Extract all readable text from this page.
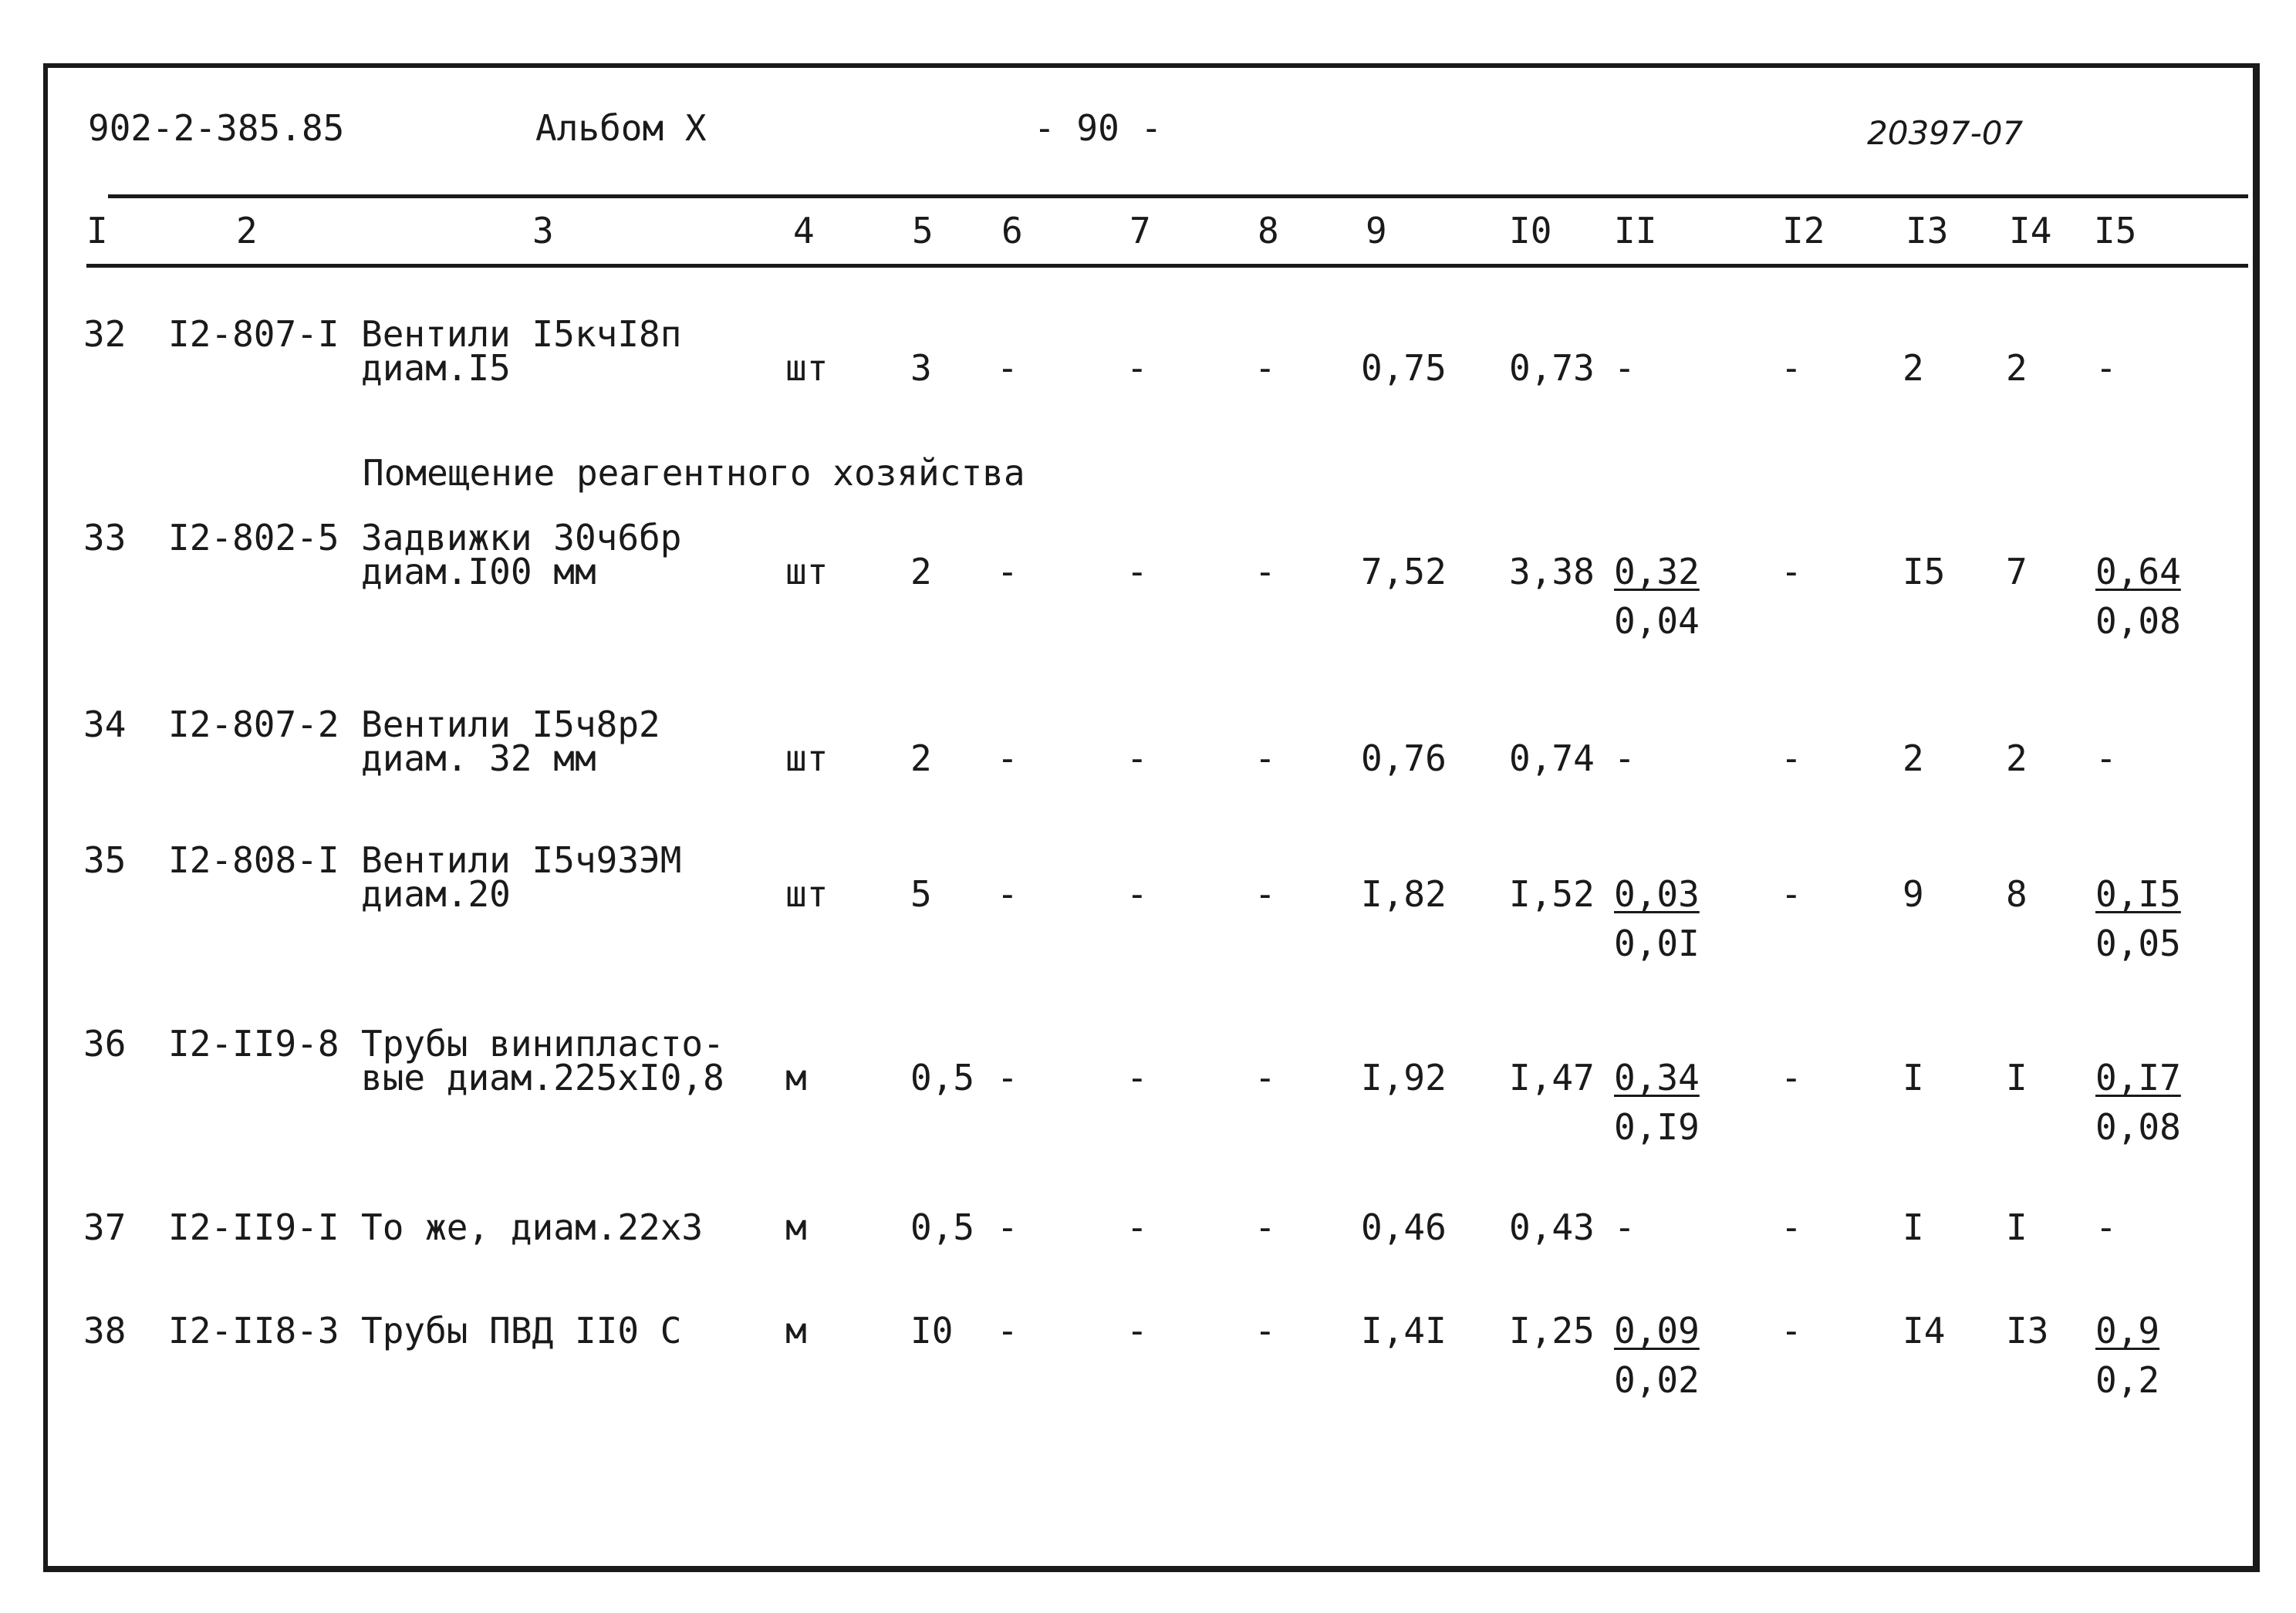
902-2-385.85	Альбом X	- 90 -	20397-07
I	2	3	4	5 6	7	8 9	I0 II	I2 I3 I4 I5
Помещение реагентного хозяйства
32 I2-807-I Вентили I5кчI8п
диам.I5	шт 3 -	-	- 0,75 0,73 -	-	2 2 -
33 I2-802-5 Задвижки 30ч6бр
диам.I00 мм	шт 2 -	-	- 7,52 $3,38 \frac{0,32}{0,04}$ -	I5 $7 \frac{0,64}{0,08}$
34 I2-807-2 Вентили I5ч8р2
диам. 32 мм	шт 2 -	-	- 0,76 0,74 -	-	2 2 -
35 I2-808-I Вентили I5ч93ЭМ
диам.20	шт 5 -	-	- I,82 $I,52 \frac{0,03}{0,0I}$ -	9 $8 \frac{0,I5}{0,05}$
36 I2-II9-8 Трубы винипласто-
вые диам.225хI0,8 м	0,5 -	-	- I,92 $I,47 \frac{0,34}{0,I9}$ -	I I $\frac{0,I7}{0,08}$
37 I2-II9-I То же, диам.22х3 м	0,5 -	-	- 0,46 0,43 -	-	I I -
38 I2-II8-3 Трубы ПВД II0 С	м	I0 -	-	- I,4I $I,25 \frac{0,09}{0,02}$ -	I4 $I3 \frac{0,9}{0,2}$
